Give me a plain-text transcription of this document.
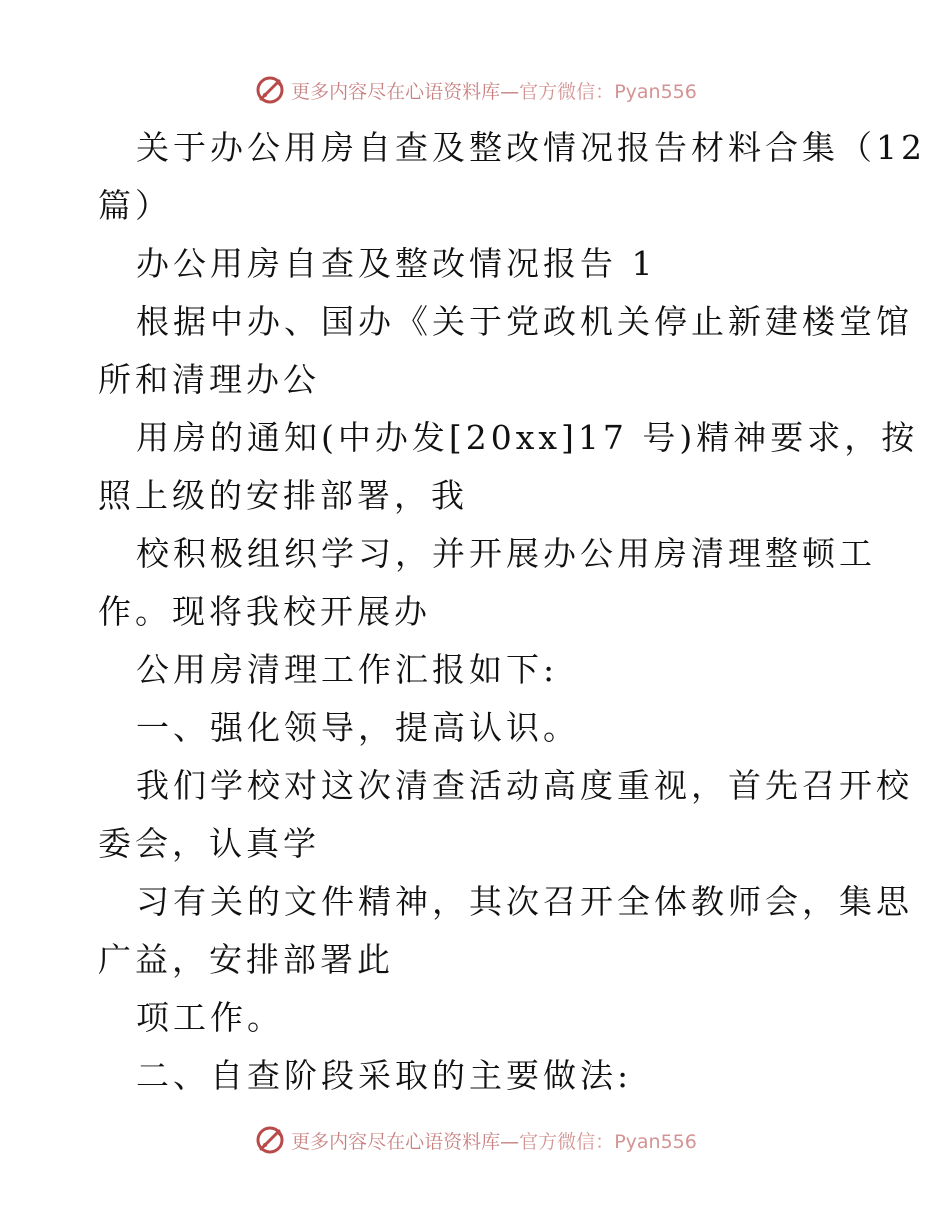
更多内容尽在心语资料库—官方微信：Pyan556
关于办公用房自查及整改情况报告材料合集（12
篇）
办公用房自查及整改情况报告 1
根据中办、国办《关于党政机关停止新建楼堂馆
所和清理办公
用房的通知(中办发[20xx]17 号)精神要求，按
照上级的安排部署，我
校积极组织学习，并开展办公用房清理整顿工
作。现将我校开展办
公用房清理工作汇报如下:
一、强化领导，提高认识。
我们学校对这次清查活动高度重视，首先召开校
委会，认真学
习有关的文件精神，其次召开全体教师会，集思
广益，安排部署此
项工作。
二、自查阶段采取的主要做法:
更多内容尽在心语资料库—官方微信：Pyan556
